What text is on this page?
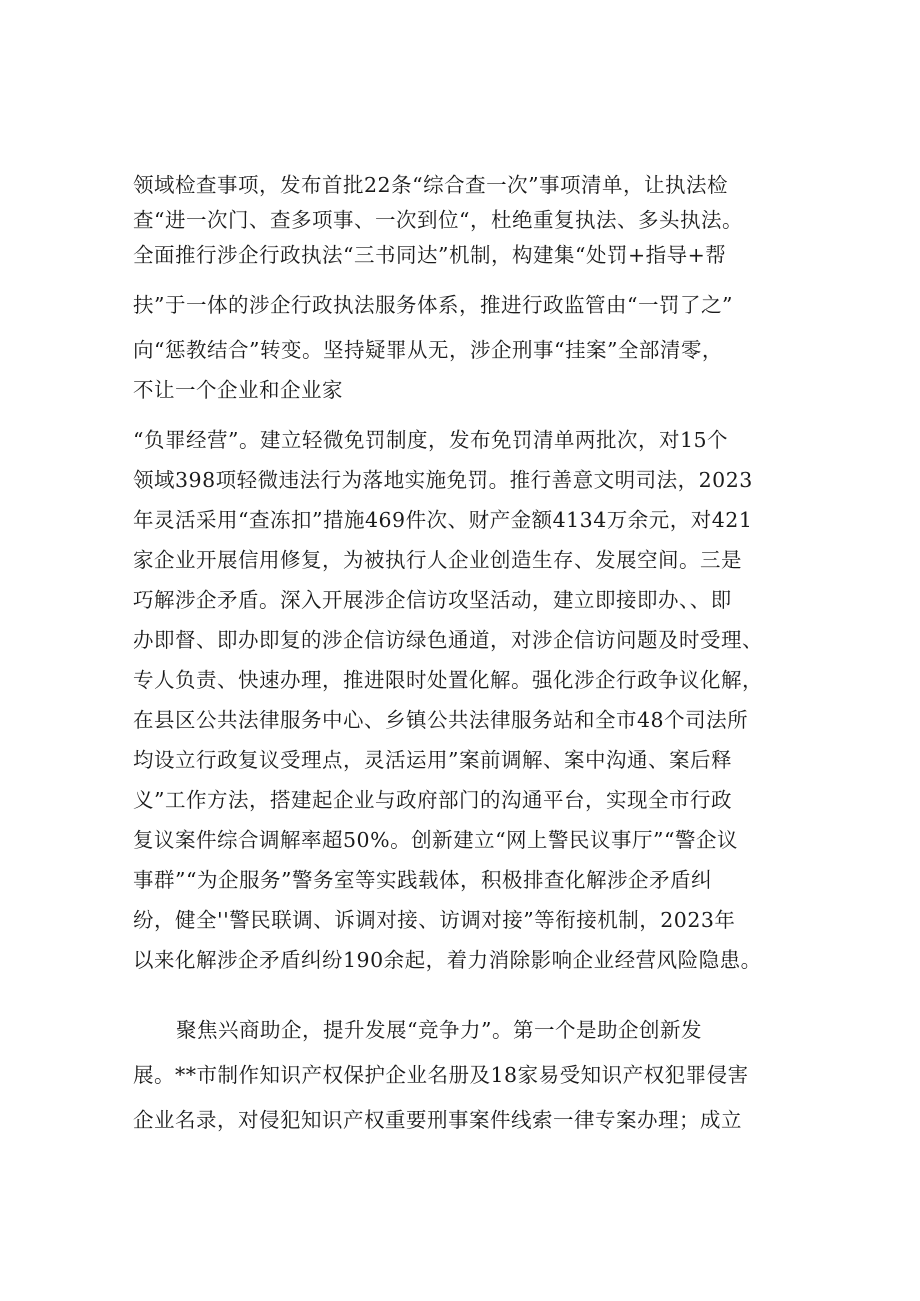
领域检查事项，发布首批22条“综合查一次”事项清单，让执法检
查“进一次门、查多项事、一次到位“，杜绝重复执法、多头执法。
全面推行涉企行政执法“三书同达”机制，构建集“处罚+指导+帮
扶”于一体的涉企行政执法服务体系，推进行政监管由“一罚了之”
向“惩教结合”转变。坚持疑罪从无，涉企刑事“挂案”全部清零，
不让一个企业和企业家
“负罪经营”。建立轻微免罚制度，发布免罚清单两批次，对15个
领域398项轻微违法行为落地实施免罚。推行善意文明司法，2023
年灵活采用“查冻扣”措施469件次、财产金额4134万余元，对421
家企业开展信用修复，为被执行人企业创造生存、发展空间。三是
巧解涉企矛盾。深入开展涉企信访攻坚活动，建立即接即办、、即
办即督、即办即复的涉企信访绿色通道，对涉企信访问题及时受理、
专人负责、快速办理，推进限时处置化解。强化涉企行政争议化解，
在县区公共法律服务中心、乡镇公共法律服务站和全市48个司法所
均设立行政复议受理点，灵活运用”案前调解、案中沟通、案后释
义”工作方法，搭建起企业与政府部门的沟通平台，实现全市行政
复议案件综合调解率超50%。创新建立“网上警民议事厅”“警企议
事群”“为企服务”警务室等实践载体，积极排查化解涉企矛盾纠
纷，健全''警民联调、诉调对接、访调对接”等衔接机制，2023年
以来化解涉企矛盾纠纷190余起，着力消除影响企业经营风险隐患。
聚焦兴商助企，提升发展“竞争力”。第一个是助企创新发
展。**市制作知识产权保护企业名册及18家易受知识产权犯罪侵害
企业名录，对侵犯知识产权重要刑事案件线索一律专案办理；成立
